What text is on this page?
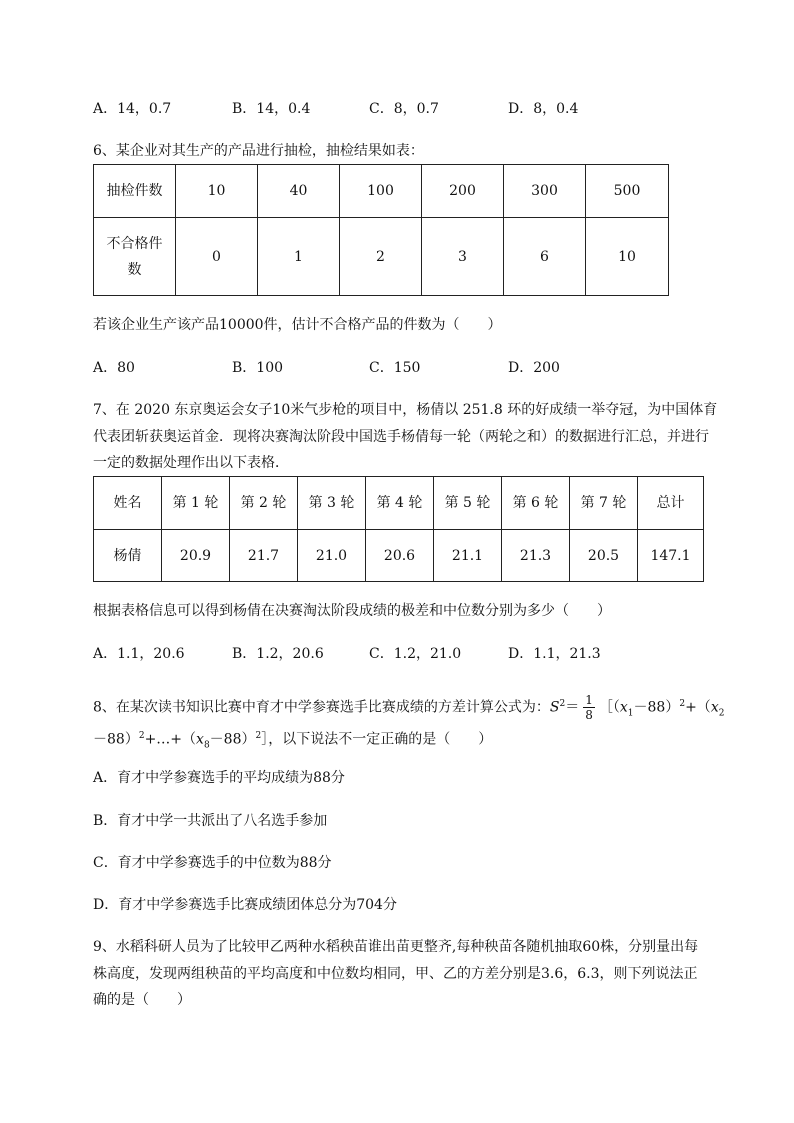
A．14，0.7	B．14，0.4	C．8，0.7	D．8，0.4
6、某企业对其生产的产品进行抽检，抽检结果如表：
抽检件数	10	40	100	200	300	500
不合格件数	0	1	2	3	6	10
若该企业生产该产品10000件，估计不合格产品的件数为（　　）
A．80	B．100	C．150	D．200
7、在 2020 东京奥运会女子10米气步枪的项目中，杨倩以 251.8 环的好成绩一举夺冠，为中国体育
代表团斩获奥运首金．现将决赛淘汰阶段中国选手杨倩每一轮（两轮之和）的数据进行汇总，并进行
一定的数据处理作出以下表格．
姓名	第 1 轮	第 2 轮	第 3 轮	第 4 轮	第 5 轮	第 6 轮	第 7 轮	总计
杨倩	20.9	21.7	21.0	20.6	21.1	21.3	20.5	147.1
根据表格信息可以得到杨倩在决赛淘汰阶段成绩的极差和中位数分别为多少（　　）
A．1.1，20.6	B．1.2，20.6	C．1.2，21.0	D．1.1，21.3
8、在某次读书知识比赛中育才中学参赛选手比赛成绩的方差计算公式为：$S^2= \frac{1}{8}$ $[(x_1-88)^2+(x_2$
$-88)^2+\dots+(x_8-88)^2]$，以下说法不一定正确的是（　　）
A．育才中学参赛选手的平均成绩为88分
B．育才中学一共派出了八名选手参加
C．育才中学参赛选手的中位数为88分
D．育才中学参赛选手比赛成绩团体总分为704分
9、水稻科研人员为了比较甲乙两种水稻秧苗谁出苗更整齐,每种秧苗各随机抽取60株，分别量出每
株高度，发现两组秧苗的平均高度和中位数均相同，甲、乙的方差分别是3.6，6.3，则下列说法正
确的是（　　）
